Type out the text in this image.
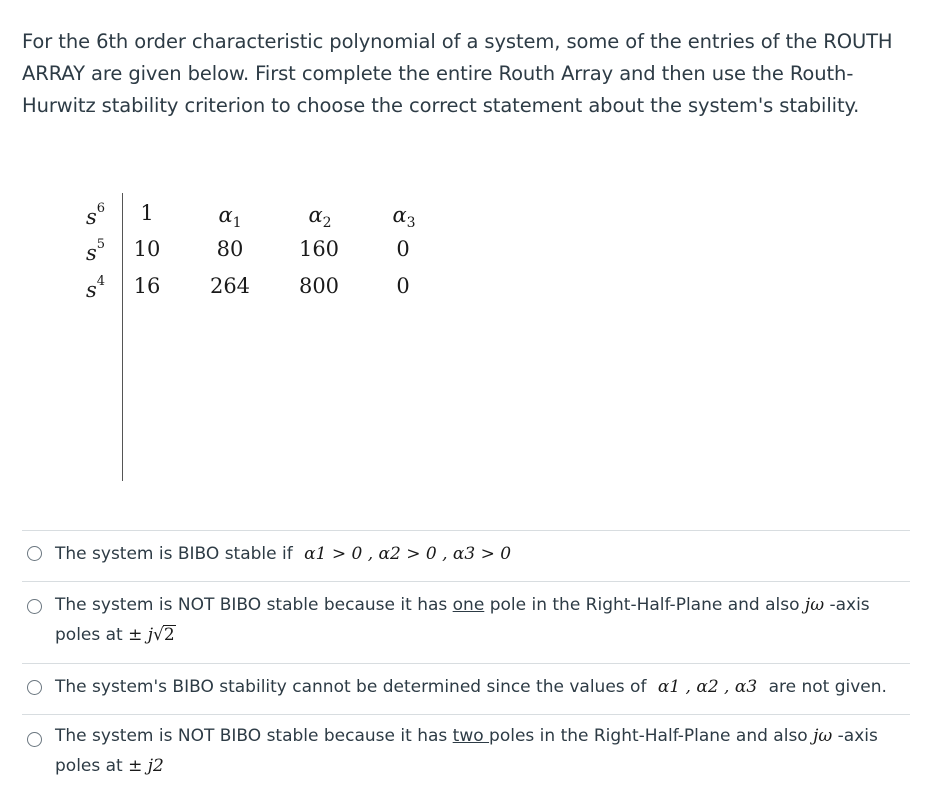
For the 6th order characteristic polynomial of a system, some of the entries of the ROUTH
ARRAY are given below. First complete the entire Routh Array and then use the Routh-
Hurwitz stability criterion to choose the correct statement about the system's stability.
$s^6$	1	$\alpha_1$	$\alpha_2$	$\alpha_3$
$s^5$ 10	80	160	0
$s^4$ 16 264 800	0
The system is BIBO stable if α1 > 0 , α2 > 0 , α3 > 0
The system is NOT BIBO stable because it has one pole in the Right-Half-Plane and also jω -axis
poles at ± j√2
The system's BIBO stability cannot be determined since the values of α1 , α2 , α3 are not given.
The system is NOT BIBO stable because it has two poles in the Right-Half-Plane and also jω -axis
poles at ± j2
